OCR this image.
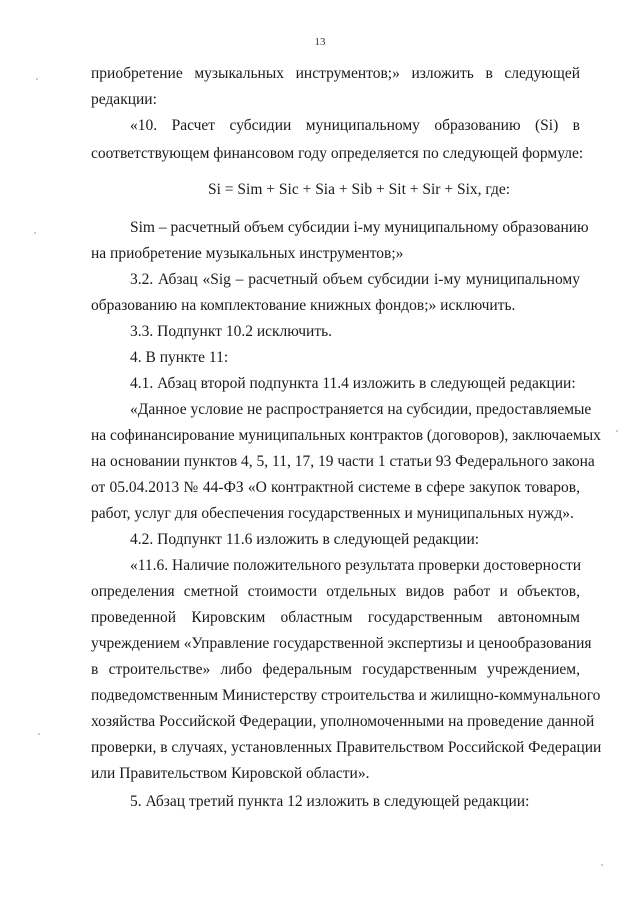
13
приобретение музыкальных инструментов;» изложить в следующей
редакции:
«10. Расчет субсидии муниципальному образованию (Si) в
соответствующем финансовом году определяется по следующей формуле:
Si = Sim + Sic + Sia + Sib + Sit + Sir + Six, где:
Sim – расчетный объем субсидии i-му муниципальному образованию
на приобретение музыкальных инструментов;»
3.2. Абзац «Sig – расчетный объем субсидии i-му муниципальному
образованию на комплектование книжных фондов;» исключить.
3.3. Подпункт 10.2 исключить.
4. В пункте 11:
4.1. Абзац второй подпункта 11.4 изложить в следующей редакции:
«Данное условие не распространяется на субсидии, предоставляемые
на софинансирование муниципальных контрактов (договоров), заключаемых
на основании пунктов 4, 5, 11, 17, 19 части 1 статьи 93 Федерального закона
от 05.04.2013 № 44-ФЗ «О контрактной системе в сфере закупок товаров,
работ, услуг для обеспечения государственных и муниципальных нужд».
4.2. Подпункт 11.6 изложить в следующей редакции:
«11.6. Наличие положительного результата проверки достоверности
определения сметной стоимости отдельных видов работ и объектов,
проведенной Кировским областным государственным автономным
учреждением «Управление государственной экспертизы и ценообразования
в строительстве» либо федеральным государственным учреждением,
подведомственным Министерству строительства и жилищно-коммунального
хозяйства Российской Федерации, уполномоченными на проведение данной
проверки, в случаях, установленных Правительством Российской Федерации
или Правительством Кировской области».
5. Абзац третий пункта 12 изложить в следующей редакции:
